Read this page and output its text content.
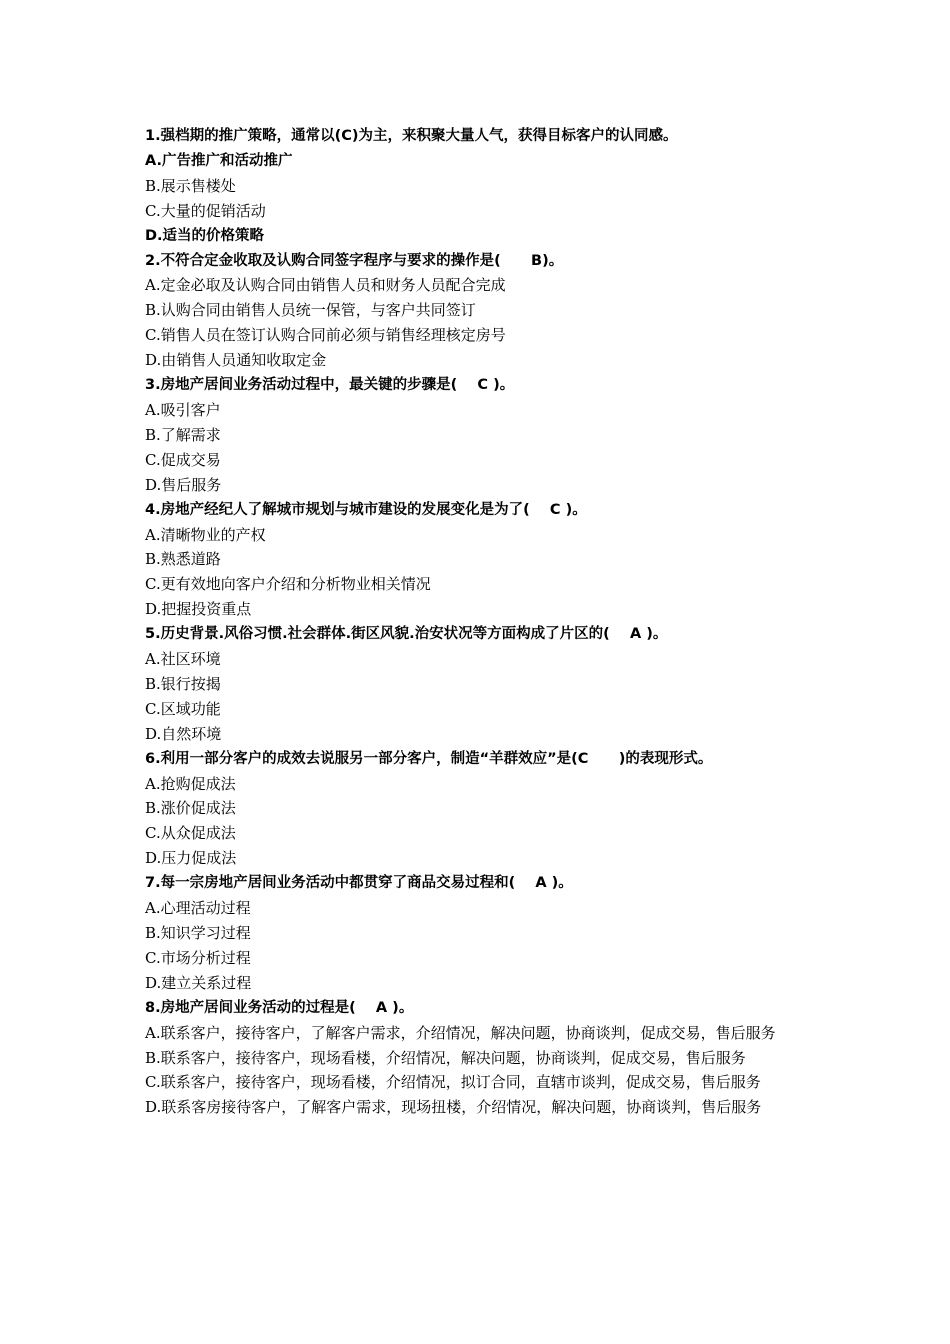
1.强档期的推广策略，通常以(C)为主，来积聚大量人气，获得目标客户的认同感。

A.广告推广和活动推广

B.展示售楼处

C.大量的促销活动

D.适当的价格策略

2.不符合定金收取及认购合同签字程序与要求的操作是(      B)。

A.定金必取及认购合同由销售人员和财务人员配合完成

B.认购合同由销售人员统一保管，与客户共同签订

C.销售人员在签订认购合同前必须与销售经理核定房号

D.由销售人员通知收取定金

3.房地产居间业务活动过程中，最关键的步骤是(    C )。

A.吸引客户

B.了解需求

C.促成交易

D.售后服务

4.房地产经纪人了解城市规划与城市建设的发展变化是为了(    C )。

A.清晰物业的产权

B.熟悉道路

C.更有效地向客户介绍和分析物业相关情况

D.把握投资重点

5.历史背景.风俗习惯.社会群体.街区风貌.治安状况等方面构成了片区的(    A )。

A.社区环境

B.银行按揭

C.区域功能

D.自然环境

6.利用一部分客户的成效去说服另一部分客户，制造“羊群效应”是(C      )的表现形式。

A.抢购促成法

B.涨价促成法

C.从众促成法

D.压力促成法

7.每一宗房地产居间业务活动中都贯穿了商品交易过程和(    A )。

A.心理活动过程

B.知识学习过程

C.市场分析过程

D.建立关系过程

8.房地产居间业务活动的过程是(    A )。

A.联系客户，接待客户，了解客户需求，介绍情况，解决问题，协商谈判，促成交易，售后服务

B.联系客户，接待客户，现场看楼，介绍情况，解决问题，协商谈判，促成交易，售后服务

C.联系客户，接待客户，现场看楼，介绍情况，拟订合同，直辖市谈判，促成交易，售后服务

D.联系客房接待客户，了解客户需求，现场扭楼，介绍情况，解决问题，协商谈判，售后服务
